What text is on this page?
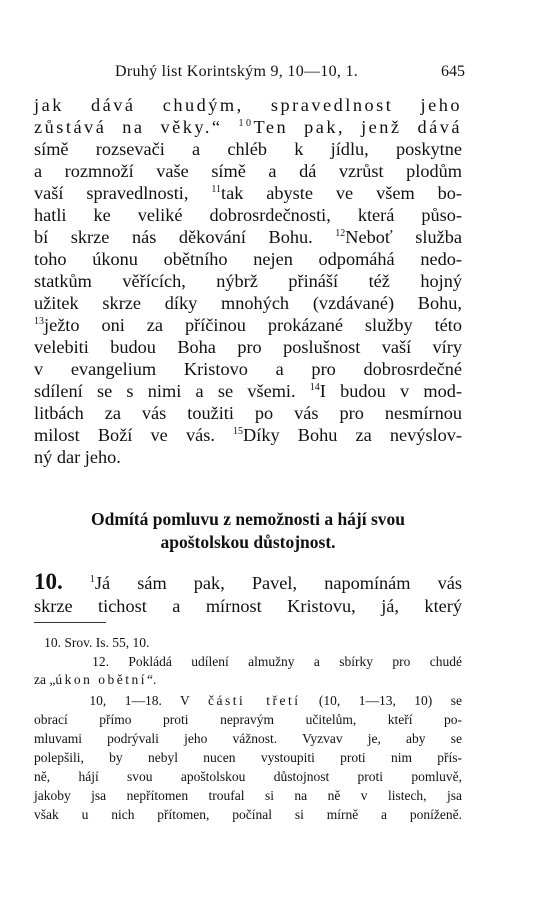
Druhý list Korintským 9, 10—10, 1.	645
jak dává chudým, spravedlnost jeho
zůstává na věky.“ $^{10}$Ten pak, jenž dává
símě rozsevači a chléb k jídlu, poskytne
a rozmnoží vaše símě a dá vzrůst plodům
vaší spravedlnosti, $^{11}$tak abyste ve všem bo-
hatli ke veliké dobrosrdečnosti, která půso-
bí skrze nás děkování Bohu. $^{12}$Neboť služba
toho úkonu obětního nejen odpomáhá nedo-
statkům věřících, nýbrž přináší též hojný
užitek skrze díky mnohých (vzdávané) Bohu,
$^{13}$ježto oni za příčinou prokázané služby této
velebiti budou Boha pro poslušnost vaší víry
v evangelium Kristovo a pro dobrosrdečné
sdílení se s nimi a se všemi. $^{14}$I budou v mod-
litbách za vás toužiti po vás pro nesmírnou
milost Boží ve vás. $^{15}$Díky Bohu za nevýslov-
ný dar jeho.
Odmítá pomluvu z nemožnosti a hájí svou
apoštolskou důstojnost.
10.	$^1$Já sám pak, Pavel, napomínám vás
skrze tichost a mírnost Kristovu, já, který
10. Srov. Is. 55, 10.
12. Pokládá udílení almužny a sbírky pro chudé
za „úkon obětní“.
10, 1—18. V části třetí (10, 1—13, 10) se
obrací přímo proti nepravým učitelům, kteří po-
mluvami podrývali jeho vážnost. Vyzvav je, aby se
polepšili, by nebyl nucen vystoupiti proti nim přís-
ně, hájí svou apoštolskou důstojnost proti pomluvě,
jakoby jsa nepřítomen troufal si na ně v listech, jsa
však u nich přítomen, počínal si mírně a poníženě.
